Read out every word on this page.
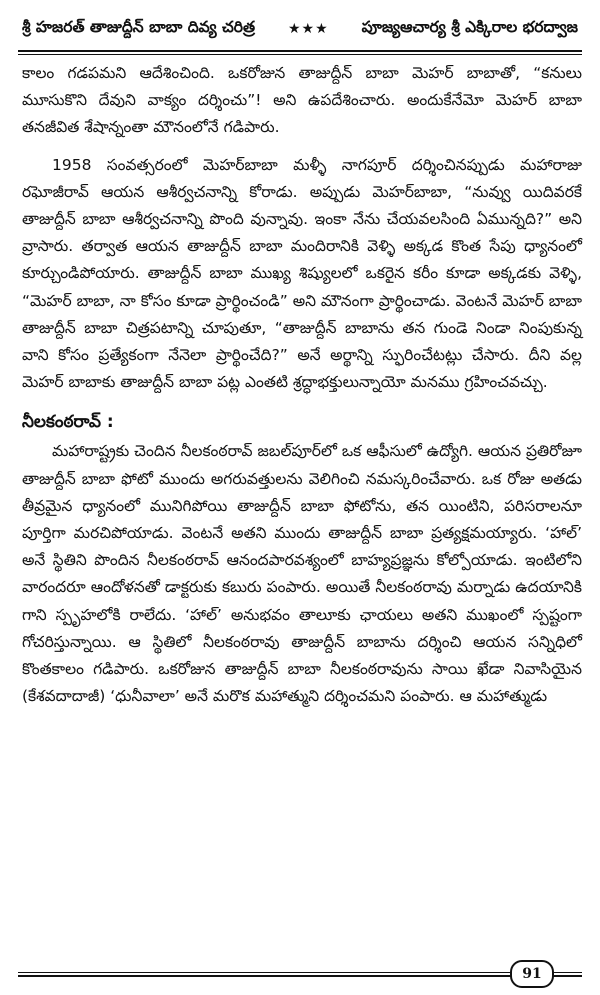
శ్రీ హజరత్ తాజుద్దీన్ బాబా దివ్య చరిత్ర ★★★ పూజ్యఆచార్య శ్రీ ఎక్కిరాల భరద్వాజ

కాలం గడపమని ఆదేశించింది. ఒకరోజున తాజుద్దీన్ బాబా మెహర్ బాబాతో, “కనులు మూసుకొని దేవుని వాక్యం దర్శించు”! అని ఉపదేశించారు. అందుకేనేమో మెహర్ బాబా తనజీవిత శేషాన్నంతా మౌనంలోనే గడిపారు.

1958 సంవత్సరంలో మెహర్‌బాబా మళ్ళీ నాగపూర్ దర్శించినప్పుడు మహారాజు రఘోజీరావ్ ఆయన ఆశీర్వచనాన్ని కోరాడు. అప్పుడు మెహర్‌బాబా, “నువ్వు యిదివరకే తాజుద్దీన్ బాబా ఆశీర్వచనాన్ని పొంది వున్నావు. ఇంకా నేను చేయవలసింది ఏమున్నది?” అని వ్రాసారు. తర్వాత ఆయన తాజుద్దీన్ బాబా మందిరానికి వెళ్ళి అక్కడ కొంత సేపు ధ్యానంలో కూర్చుండిపోయారు. తాజుద్దీన్ బాబా ముఖ్య శిష్యులలో ఒకరైన కరీం కూడా అక్కడకు వెళ్ళి, “మెహర్ బాబా, నా కోసం కూడా ప్రార్థించండి” అని మౌనంగా ప్రార్థించాడు. వెంటనే మెహర్ బాబా తాజుద్దీన్ బాబా చిత్రపటాన్ని చూపుతూ, “తాజుద్దీన్ బాబాను తన గుండె నిండా నింపుకున్న వాని కోసం ప్రత్యేకంగా నేనెలా ప్రార్థించేది?” అనే అర్థాన్ని స్ఫురించేటట్లు చేసారు. దీని వల్ల మెహర్ బాబాకు తాజుద్దీన్ బాబా పట్ల ఎంతటి శ్రద్ధాభక్తులున్నాయో మనము గ్రహించవచ్చు.

నీలకంఠరావ్ :

మహారాష్ట్రకు చెందిన నీలకంఠరావ్ జబల్‌పూర్‌లో ఒక ఆఫీసులో ఉద్యోగి. ఆయన ప్రతిరోజూ తాజుద్దీన్ బాబా ఫోటో ముందు అగరువత్తులను వెలిగించి నమస్కరించేవారు. ఒక రోజు అతడు తీవ్రమైన ధ్యానంలో మునిగిపోయి తాజుద్దీన్ బాబా ఫోటోను, తన యింటిని, పరిసరాలనూ పూర్తిగా మరచిపోయాడు. వెంటనే అతని ముందు తాజుద్దీన్ బాబా ప్రత్యక్షమయ్యారు. ‘హాల్’ అనే స్థితిని పొందిన నీలకంఠరావ్ ఆనందపారవశ్యంలో బాహ్యప్రజ్ఞను కోల్పోయాడు. ఇంటిలోని వారందరూ ఆందోళనతో డాక్టరుకు కబురు పంపారు. అయితే నీలకంఠరావు మర్నాడు ఉదయానికి గాని స్పృహలోకి రాలేదు. ‘హాల్’ అనుభవం తాలూకు ఛాయలు అతని ముఖంలో స్పష్టంగా గోచరిస్తున్నాయి. ఆ స్థితిలో నీలకంఠరావు తాజుద్దీన్ బాబాను దర్శించి ఆయన సన్నిధిలో కొంతకాలం గడిపారు. ఒకరోజున తాజుద్దీన్ బాబా నీలకంఠరావును సాయి ఖేడా నివాసియైన (కేశవదాదాజీ) ‘ధునీవాలా’ అనే మరొక మహాత్ముని దర్శించమని పంపారు. ఆ మహాత్ముడు

91
